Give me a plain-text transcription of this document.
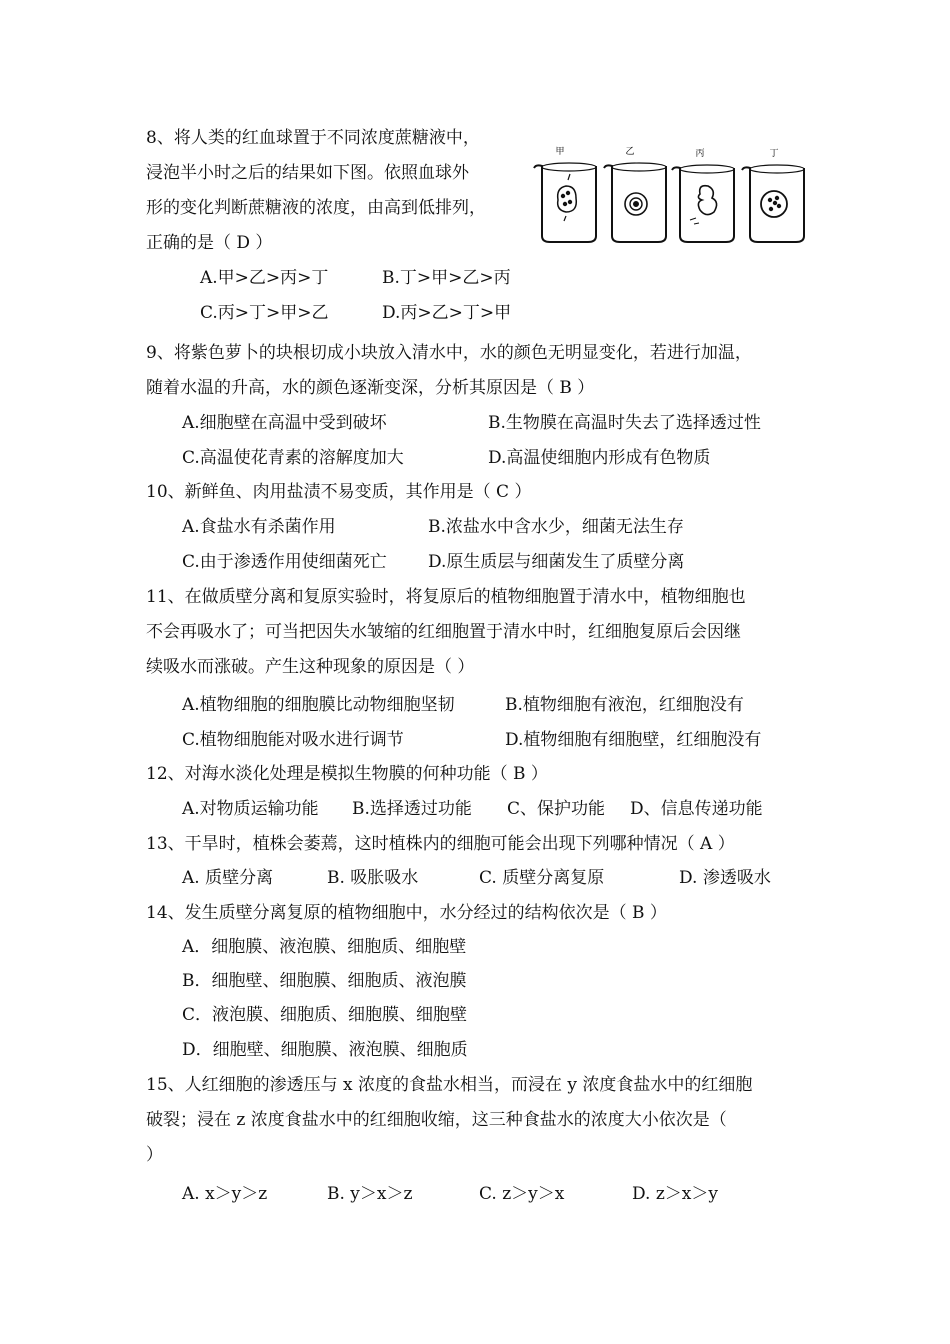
8、将人类的红血球置于不同浓度蔗糖液中，
浸泡半小时之后的结果如下图。依照血球外
形的变化判断蔗糖液的浓度，由高到低排列，
正确的是（ D ）
A.甲>乙>丙>丁	B.丁>甲>乙>丙
C.丙>丁>甲>乙	D.丙>乙>丁>甲
甲	乙	丙	丁
9、将紫色萝卜的块根切成小块放入清水中，水的颜色无明显变化，若进行加温，
随着水温的升高，水的颜色逐渐变深，分析其原因是（ B ）
A.细胞壁在高温中受到破坏	B.生物膜在高温时失去了选择透过性
C.高温使花青素的溶解度加大	D.高温使细胞内形成有色物质
10、新鲜鱼、肉用盐渍不易变质，其作用是（ C ）
A.食盐水有杀菌作用	B.浓盐水中含水少，细菌无法生存
C.由于渗透作用使细菌死亡 D.原生质层与细菌发生了质壁分离
11、在做质壁分离和复原实验时，将复原后的植物细胞置于清水中，植物细胞也
不会再吸水了；可当把因失水皱缩的红细胞置于清水中时，红细胞复原后会因继
续吸水而涨破。产生这种现象的原因是（ ）
A.植物细胞的细胞膜比动物细胞坚韧	B.植物细胞有液泡，红细胞没有
C.植物细胞能对吸水进行调节	D.植物细胞有细胞壁，红细胞没有
12、对海水淡化处理是模拟生物膜的何种功能（ B ）
A.对物质运输功能 B.选择透过功能 C、保护功能 D、信息传递功能
13、干旱时，植株会萎蔫，这时植株内的细胞可能会出现下列哪种情况（ A ）
A. 质壁分离	B. 吸胀吸水	C. 质壁分离复原	D. 渗透吸水
14、发生质壁分离复原的植物细胞中，水分经过的结构依次是（ B ）
A．细胞膜、液泡膜、细胞质、细胞壁
B．细胞壁、细胞膜、细胞质、液泡膜
C．液泡膜、细胞质、细胞膜、细胞壁
D．细胞壁、细胞膜、液泡膜、细胞质
15、人红细胞的渗透压与 x 浓度的食盐水相当，而浸在 y 浓度食盐水中的红细胞
破裂；浸在 z 浓度食盐水中的红细胞收缩，这三种食盐水的浓度大小依次是（
）
A. x＞y＞z	B. y＞x＞z	C. z＞y＞x	D. z＞x＞y
